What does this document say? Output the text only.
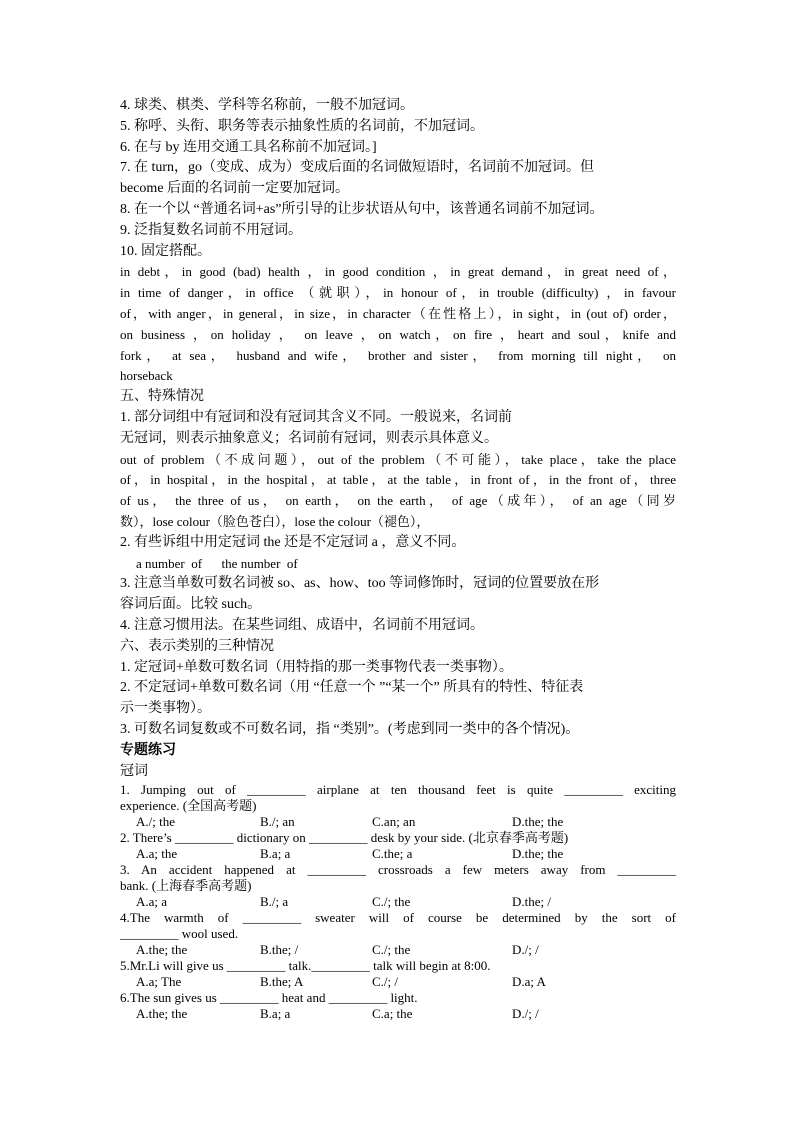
4. 球类、棋类、学科等名称前，一般不加冠词。
5. 称呼、头衔、职务等表示抽象性质的名词前，不加冠词。
6. 在与 by 连用交通工具名称前不加冠词。]
7. 在 turn，go（变成、成为）变成后面的名词做短语时，名词前不加冠词。但
become 后面的名词前一定要加冠词。
8. 在一个以 “普通名词+as”所引导的让步状语从句中，该普通名词前不加冠词。
9. 泛指复数名词前不用冠词。
10. 固定搭配。
in debt，in good (bad) health ，in good condition ，in great demand，in great need of，
in time of danger，in office （就职），in honour of，in trouble (difficulty) ，in favour
of，with anger，in general，in size，in character（在性格上），in sight，in (out of) order，
on business ，on holiday ， on leave ，on watch，on fire ，heart and soul，knife and
fork， at sea， husband and wife， brother and sister， from morning till night， on
horseback
五、特殊情况
1. 部分词组中有冠词和没有冠词其含义不同。一般说来，名词前
无冠词，则表示抽象意义；名词前有冠词，则表示具体意义。
out of problem（不成问题），out of the problem（不可能），take place，take the place
of，in hospital，in the hospital，at table，at the table，in front of，in the front of，three
of us， the three of us， on earth， on the earth， of age（成年）， of an age（同岁
数），lose colour（脸色苍白），lose the colour（褪色），
2. 有些诉组中用定冠词 the 还是不定冠词 a ，意义不同。
a number  of      the number  of
3. 注意当单数可数名词被 so、as、how、too 等词修饰时，冠词的位置要放在形
容词后面。比较 such。
4. 注意习惯用法。在某些词组、成语中，名词前不用冠词。
六、表示类别的三种情况
1. 定冠词+单数可数名词（用特指的那一类事物代表一类事物）。
2. 不定冠词+单数可数名词（用 “任意一个 ”“某一个” 所具有的特性、特征表
示一类事物）。
3. 可数名词复数或不可数名词，指 “类别”。(考虑到同一类中的各个情况)。
专题练习
冠词
1. Jumping out of _________ airplane at ten thousand feet is quite _________ exciting
experience. (全国高考题)
A./; the	B./; an	C.an; an	D.the; the
2. There’s _________ dictionary on _________ desk by your side. (北京春季高考题)
A.a; the	B.a; a	C.the; a	D.the; the
3. An accident happened at _________ crossroads a few meters away from _________
bank. (上海春季高考题)
A.a; a	B./; a	C./; the	D.the; /
4.The warmth of _________ sweater will of course be determined by the sort of
_________ wool used.
A.the; the	B.the; /	C./; the	D./; /
5.Mr.Li will give us _________ talk._________ talk will begin at 8:00.
A.a; The	B.the; A	C./; /	D.a; A
6.The sun gives us _________ heat and _________ light.
A.the; the	B.a; a	C.a; the	D./; /
